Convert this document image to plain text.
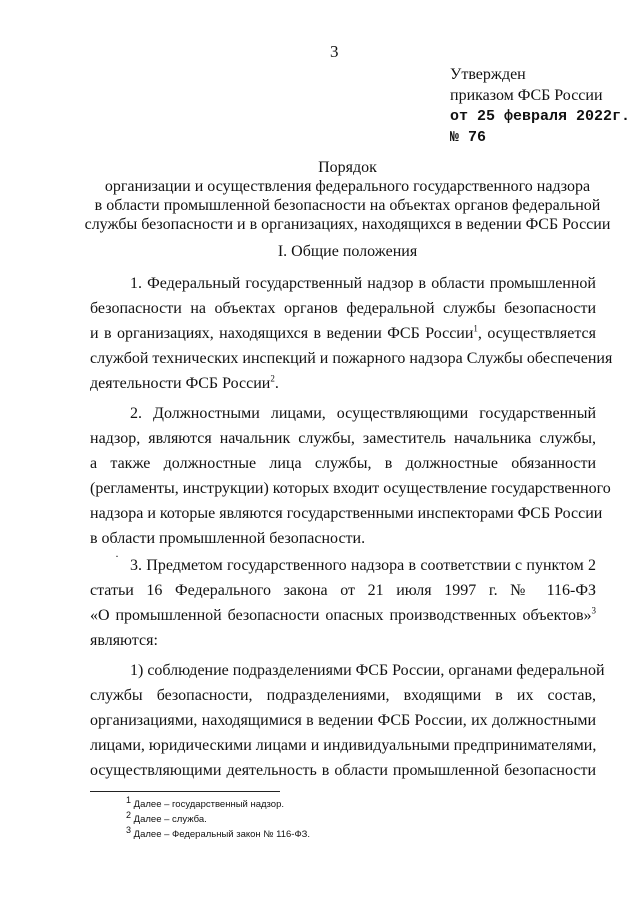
3
Утвержден
приказом ФСБ России
от 25 февраля 2022г.
№ 76
Порядок
организации и осуществления федерального государственного надзора
в области промышленной безопасности на объектах органов федеральной
службы безопасности и в организациях, находящихся в ведении ФСБ России
I. Общие положения
1. Федеральный государственный надзор в области промышленной
безопасности на объектах органов федеральной службы безопасности
и в организациях, находящихся в ведении ФСБ России$^1$, осуществляется
службой технических инспекций и пожарного надзора Службы обеспечения
деятельности ФСБ России$^2$.
2. Должностными лицами, осуществляющими государственный
надзор, являются начальник службы, заместитель начальника службы,
а также должностные лица службы, в должностные обязанности
(регламенты, инструкции) которых входит осуществление государственного
надзора и которые являются государственными инспекторами ФСБ России
в области промышленной безопасности.
·
3. Предметом государственного надзора в соответствии с пунктом 2
статьи 16 Федерального закона от 21 июля 1997 г. № 116-ФЗ
«О промышленной безопасности опасных производственных объектов»$^3$
являются:
1) соблюдение подразделениями ФСБ России, органами федеральной
службы безопасности, подразделениями, входящими в их состав,
организациями, находящимися в ведении ФСБ России, их должностными
лицами, юридическими лицами и индивидуальными предпринимателями,
осуществляющими деятельность в области промышленной безопасности
$^1$ Далее – государственный надзор.
$^2$ Далее – служба.
$^3$ Далее – Федеральный закон № 116-ФЗ.
